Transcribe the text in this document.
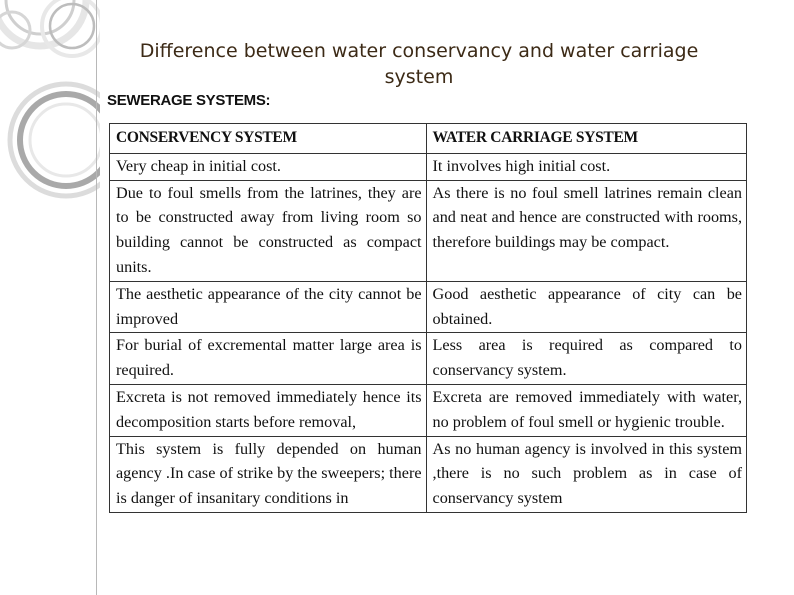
Difference between water conservancy and water carriage system
SEWERAGE SYSTEMS:
CONSERVENCY SYSTEM	WATER CARRIAGE SYSTEM
Very cheap in initial cost.	It involves high initial cost.
Due to foul smells from the latrines, they are to be constructed away from living room so building cannot be constructed as compact units.	As there is no foul smell latrines remain clean and neat and hence are constructed with rooms, therefore buildings may be compact.
The aesthetic appearance of the city cannot be improved	Good aesthetic appearance of city can be obtained.
For burial of excremental matter large area is required.	Less area is required as compared to conservancy system.
Excreta is not removed immediately hence its decomposition starts before removal,	Excreta are removed immediately with water, no problem of foul smell or hygienic trouble.
This system is fully depended on human agency .In case of strike by the sweepers; there is danger of insanitary conditions in	As no human agency is involved in this system ,there is no such problem as in case of conservancy system
